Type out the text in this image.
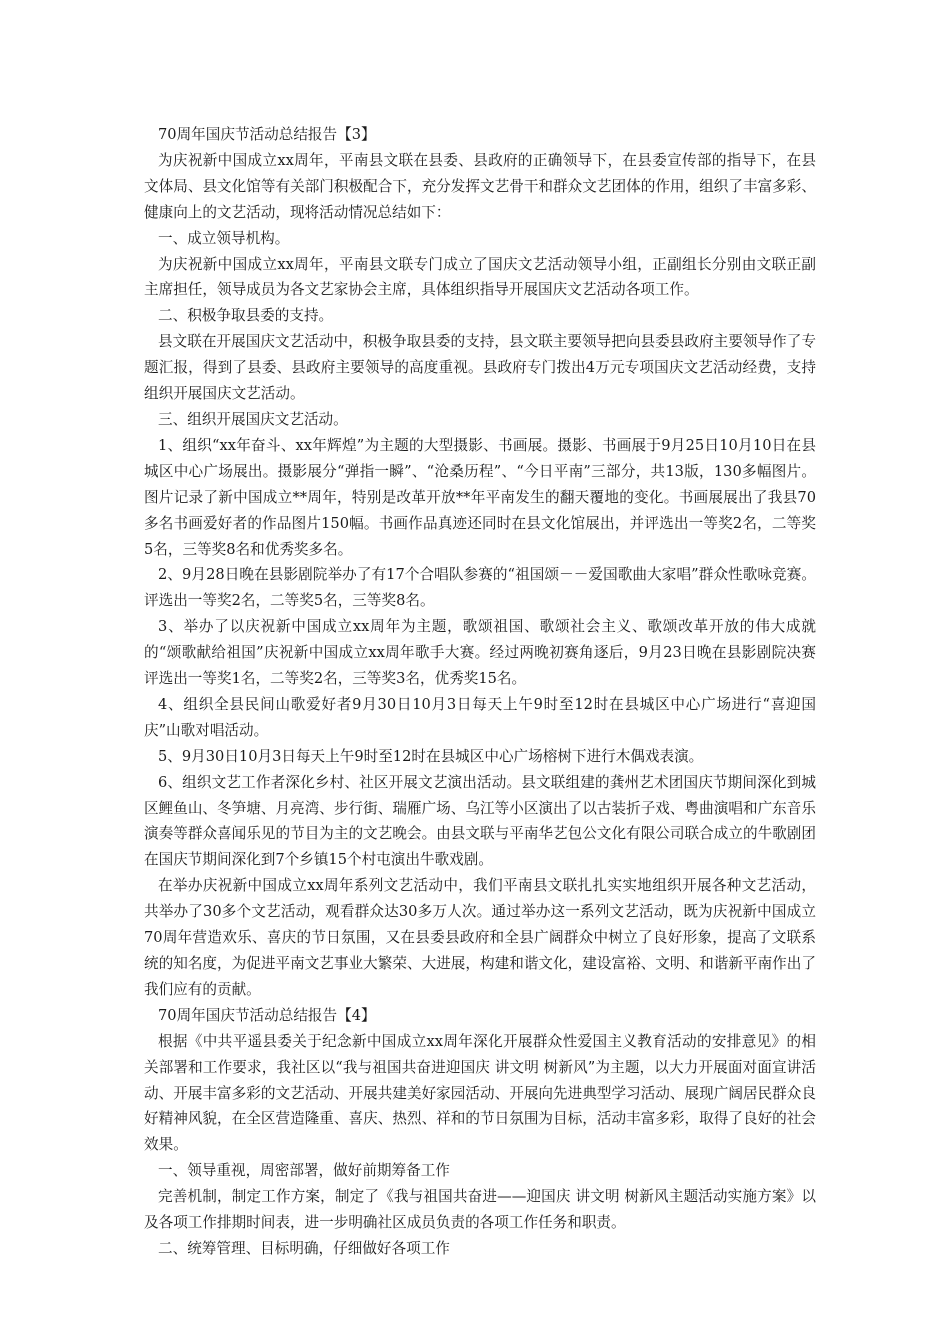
70周年国庆节活动总结报告【3】

为庆祝新中国成立xx周年，平南县文联在县委、县政府的正确领导下，在县委宣传部的指导下，在县文体局、县文化馆等有关部门积极配合下，充分发挥文艺骨干和群众文艺团体的作用，组织了丰富多彩、健康向上的文艺活动，现将活动情况总结如下：

一、成立领导机构。

为庆祝新中国成立xx周年，平南县文联专门成立了国庆文艺活动领导小组，正副组长分别由文联正副主席担任，领导成员为各文艺家协会主席，具体组织指导开展国庆文艺活动各项工作。

二、积极争取县委的支持。

县文联在开展国庆文艺活动中，积极争取县委的支持，县文联主要领导把向县委县政府主要领导作了专题汇报，得到了县委、县政府主要领导的高度重视。县政府专门拨出4万元专项国庆文艺活动经费，支持组织开展国庆文艺活动。

三、组织开展国庆文艺活动。

1、组织“xx年奋斗、xx年辉煌”为主题的大型摄影、书画展。摄影、书画展于9月25日10月10日在县城区中心广场展出。摄影展分“弹指一瞬”、“沧桑历程”、“今日平南”三部分，共13版，130多幅图片。图片记录了新中国成立**周年，特别是改革开放**年平南发生的翻天覆地的变化。书画展展出了我县70多名书画爱好者的作品图片150幅。书画作品真迹还同时在县文化馆展出，并评选出一等奖2名，二等奖5名，三等奖8名和优秀奖多名。

2、9月28日晚在县影剧院举办了有17个合唱队参赛的“祖国颂－－爱国歌曲大家唱”群众性歌咏竞赛。评选出一等奖2名，二等奖5名，三等奖8名。

3、举办了以庆祝新中国成立xx周年为主题，歌颂祖国、歌颂社会主义、歌颂改革开放的伟大成就的“颂歌献给祖国”庆祝新中国成立xx周年歌手大赛。经过两晚初赛角逐后，9月23日晚在县影剧院决赛评选出一等奖1名，二等奖2名，三等奖3名，优秀奖15名。

4、组织全县民间山歌爱好者9月30日10月3日每天上午9时至12时在县城区中心广场进行“喜迎国庆”山歌对唱活动。

5、9月30日10月3日每天上午9时至12时在县城区中心广场榕树下进行木偶戏表演。

6、组织文艺工作者深化乡村、社区开展文艺演出活动。县文联组建的龚州艺术团国庆节期间深化到城区鲤鱼山、冬笋塘、月亮湾、步行街、瑞雁广场、乌江等小区演出了以古装折子戏、粤曲演唱和广东音乐演奏等群众喜闻乐见的节目为主的文艺晚会。由县文联与平南华艺包公文化有限公司联合成立的牛歌剧团在国庆节期间深化到7个乡镇15个村屯演出牛歌戏剧。

在举办庆祝新中国成立xx周年系列文艺活动中，我们平南县文联扎扎实实地组织开展各种文艺活动，共举办了30多个文艺活动，观看群众达30多万人次。通过举办这一系列文艺活动，既为庆祝新中国成立70周年营造欢乐、喜庆的节日氛围，又在县委县政府和全县广阔群众中树立了良好形象，提高了文联系统的知名度，为促进平南文艺事业大繁荣、大进展，构建和谐文化，建设富裕、文明、和谐新平南作出了我们应有的贡献。

70周年国庆节活动总结报告【4】

根据《中共平遥县委关于纪念新中国成立xx周年深化开展群众性爱国主义教育活动的安排意见》的相关部署和工作要求，我社区以“我与祖国共奋进迎国庆 讲文明 树新风”为主题，以大力开展面对面宣讲活动、开展丰富多彩的文艺活动、开展共建美好家园活动、开展向先进典型学习活动、展现广阔居民群众良好精神风貌，在全区营造隆重、喜庆、热烈、祥和的节日氛围为目标，活动丰富多彩，取得了良好的社会效果。

一、领导重视，周密部署，做好前期筹备工作

完善机制，制定工作方案，制定了《我与祖国共奋进——迎国庆 讲文明 树新风主题活动实施方案》以及各项工作排期时间表，进一步明确社区成员负责的各项工作任务和职责。

二、统筹管理、目标明确，仔细做好各项工作
